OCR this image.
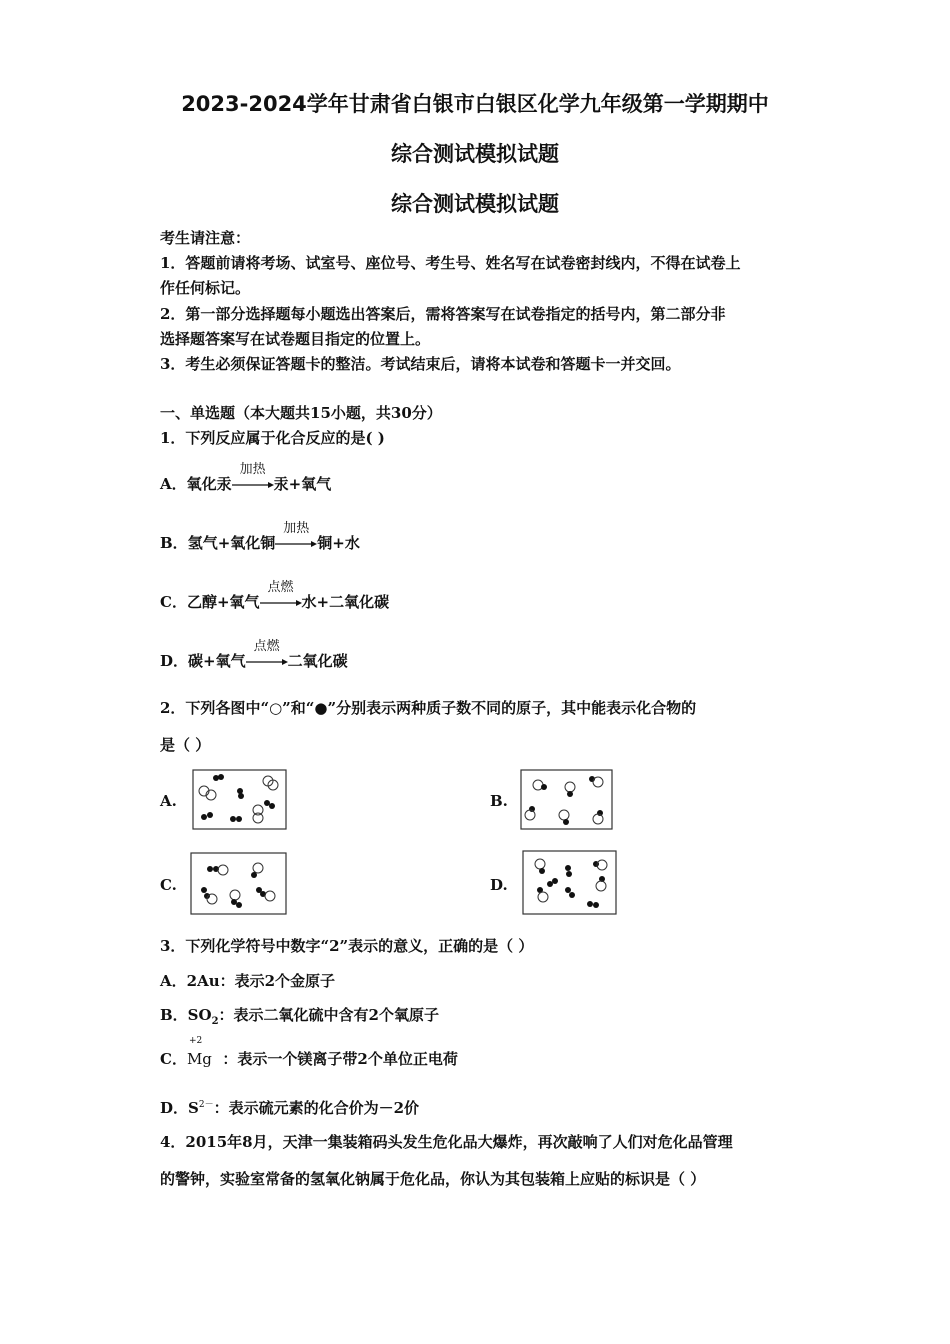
2023-2024学年甘肃省白银市白银区化学九年级第一学期期中
综合测试模拟试题
综合测试模拟试题
考生请注意：
1．答题前请将考场、试室号、座位号、考生号、姓名写在试卷密封线内，不得在试卷上
作任何标记。
2．第一部分选择题每小题选出答案后，需将答案写在试卷指定的括号内，第二部分非
选择题答案写在试卷题目指定的位置上。
3．考生必须保证答题卡的整洁。考试结束后，请将本试卷和答题卡一并交回。
一、单选题（本大题共15小题，共30分）
1．下列反应属于化合反应的是( )
A．氧化汞
加热
汞+氧气
B．氢气+氧化铜
加热
铜+水
C．乙醇+氧气
点燃
水+二氧化碳
D．碳+氧气
点燃
二氧化碳
2．下列各图中“○”和“●”分别表示两种质子数不同的原子，其中能表示化合物的
是（ ）
A.	B.
C.	D.
3．下列化学符号中数字“2”表示的意义，正确的是（ ）
A．2Au：表示2个金原子
B．$SO_2$：表示二氧化硫中含有2个氧原子
C．
+2
Mg ：表示一个镁离子带2个单位正电荷
D．$S^{2-}$：表示硫元素的化合价为－2价
4．2015年8月，天津一集装箱码头发生危化品大爆炸，再次敲响了人们对危化品管理
的警钟，实验室常备的氢氧化钠属于危化品，你认为其包装箱上应贴的标识是（ ）
